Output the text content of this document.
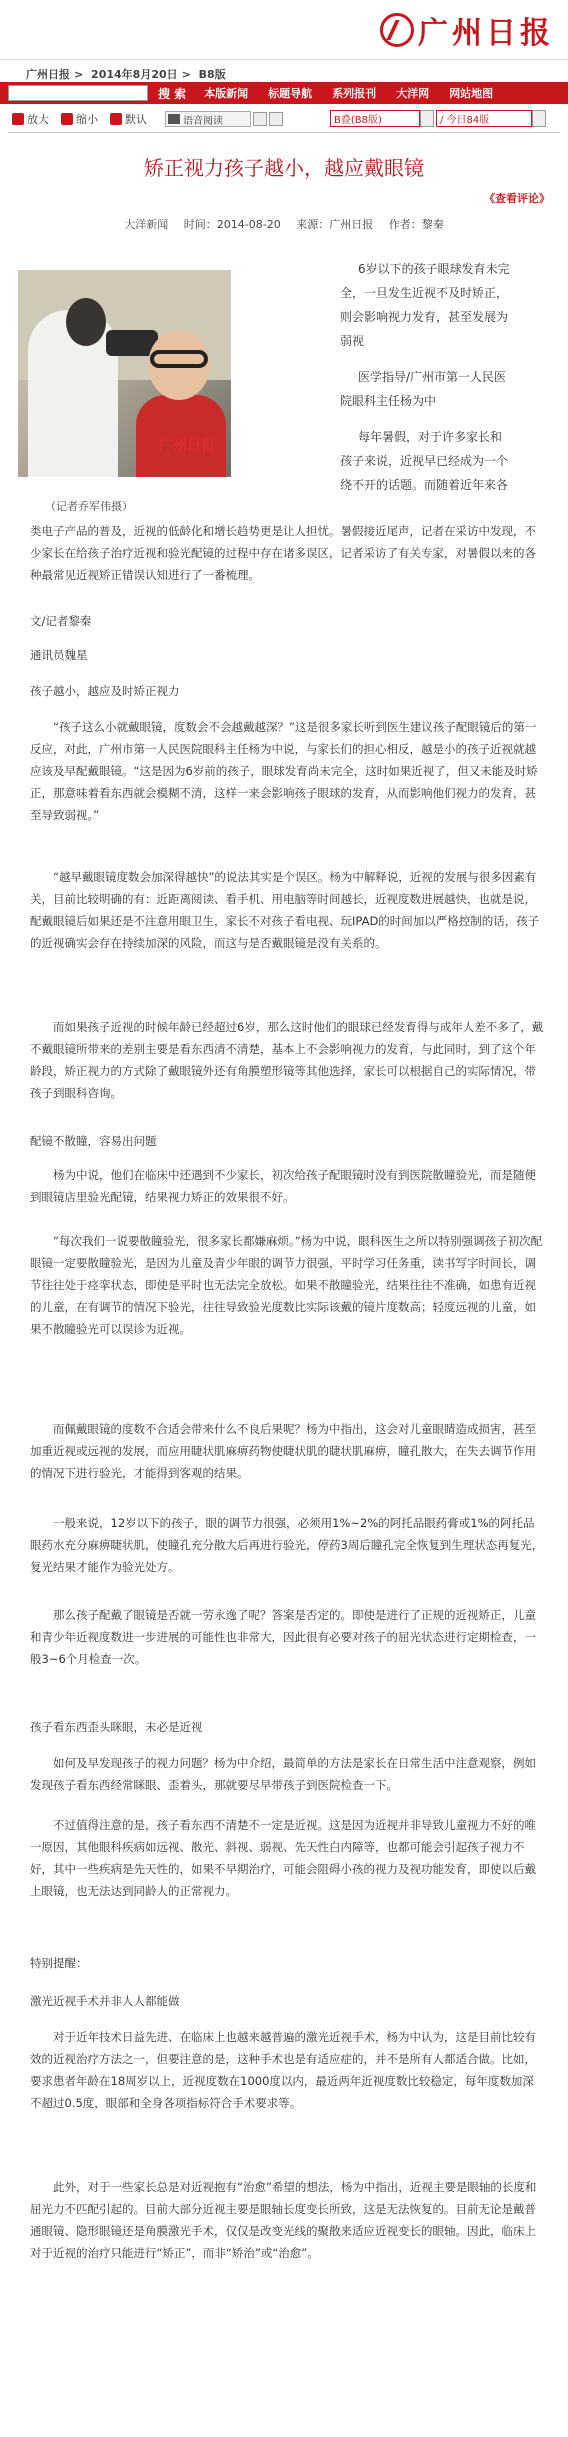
广州日报
广州日报 > 2014年8月20日 > B8版
搜 索 本版新闻 标题导航 系列报刊 大洋网 网站地图
放大 缩小 默认	语音阅读	B叠(B8版)	/ 今日84版
矫正视力孩子越小，越应戴眼镜
《查看评论》
大洋新闻 时间：2014-08-20 来源：广州日报 作者：黎秦
广州日报
（记者乔军伟摄）
6岁以下的孩子眼球发育未完
全，一旦发生近视不及时矫正，
则会影响视力发育，甚至发展为
弱视
医学指导/广州市第一人民医
院眼科主任杨为中
每年暑假，对于许多家长和
孩子来说，近视早已经成为一个
绕不开的话题。而随着近年来各
类电子产品的普及，近视的低龄化和增长趋势更是让人担忧。暑假接近尾声，记者在采访中发现，不少家长在给孩子治疗近视和验光配镜的过程中存在诸多误区，记者采访了有关专家，对暑假以来的各种最常见近视矫正错误认知进行了一番梳理。
文/记者黎秦
通讯员魏星
孩子越小，越应及时矫正视力
“孩子这么小就戴眼镜，度数会不会越戴越深？”这是很多家长听到医生建议孩子配眼镜后的第一反应，对此，广州市第一人民医院眼科主任杨为中说，与家长们的担心相反，越是小的孩子近视就越应该及早配戴眼镜。“这是因为6岁前的孩子，眼球发育尚未完全，这时如果近视了，但又未能及时矫正，那意味着看东西就会模糊不清，这样一来会影响孩子眼球的发育，从而影响他们视力的发育，甚至导致弱视。”
“越早戴眼镜度数会加深得越快”的说法其实是个误区。杨为中解释说，近视的发展与很多因素有关，目前比较明确的有：近距离阅读、看手机、用电脑等时间越长，近视度数进展越快，也就是说，配戴眼镜后如果还是不注意用眼卫生，家长不对孩子看电视、玩IPAD的时间加以严格控制的话，孩子的近视确实会存在持续加深的风险，而这与是否戴眼镜是没有关系的。
而如果孩子近视的时候年龄已经超过6岁，那么这时他们的眼球已经发育得与成年人差不多了，戴不戴眼镜所带来的差别主要是看东西清不清楚，基本上不会影响视力的发育，与此同时，到了这个年龄段，矫正视力的方式除了戴眼镜外还有角膜塑形镜等其他选择，家长可以根据自己的实际情况，带孩子到眼科咨询。
配镜不散瞳，容易出问题
杨为中说，他们在临床中还遇到不少家长，初次给孩子配眼镜时没有到医院散瞳验光，而是随便到眼镜店里验光配镜，结果视力矫正的效果很不好。
“每次我们一说要散瞳验光，很多家长都嫌麻烦。”杨为中说，眼科医生之所以特别强调孩子初次配眼镜一定要散瞳验光，是因为儿童及青少年眼的调节力很强，平时学习任务重，读书写字时间长，调节往往处于痉挛状态，即使是平时也无法完全放松。如果不散瞳验光，结果往往不准确，如患有近视的儿童，在有调节的情况下验光，往往导致验光度数比实际该戴的镜片度数高；轻度远视的儿童，如果不散瞳验光可以误诊为近视。
而佩戴眼镜的度数不合适会带来什么不良后果呢？杨为中指出，这会对儿童眼睛造成损害，甚至加重近视或远视的发展，而应用睫状肌麻痹药物使睫状肌的睫状肌麻痹，瞳孔散大，在失去调节作用的情况下进行验光，才能得到客观的结果。
一般来说，12岁以下的孩子，眼的调节力很强，必须用1%~2%的阿托品眼药膏或1%的阿托品眼药水充分麻痹睫状肌，使瞳孔充分散大后再进行验光，停药3周后瞳孔完全恢复到生理状态再复光，复光结果才能作为验光处方。
那么孩子配戴了眼镜是否就一劳永逸了呢？答案是否定的。即使是进行了正规的近视矫正，儿童和青少年近视度数进一步进展的可能性也非常大，因此很有必要对孩子的屈光状态进行定期检查，一般3~6个月检查一次。
孩子看东西歪头眯眼，未必是近视
如何及早发现孩子的视力问题？杨为中介绍，最简单的方法是家长在日常生活中注意观察，例如发现孩子看东西经常眯眼、歪着头，那就要尽早带孩子到医院检查一下。
不过值得注意的是，孩子看东西不清楚不一定是近视。这是因为近视并非导致儿童视力不好的唯一原因，其他眼科疾病如远视、散光、斜视、弱视、先天性白内障等，也都可能会引起孩子视力不好，其中一些疾病是先天性的，如果不早期治疗，可能会阻碍小孩的视力及视功能发育，即使以后戴上眼镜，也无法达到同龄人的正常视力。
特别提醒：
激光近视手术并非人人都能做
对于近年技术日益先进、在临床上也越来越普遍的激光近视手术，杨为中认为，这是目前比较有效的近视治疗方法之一，但要注意的是，这种手术也是有适应症的，并不是所有人都适合做。比如，要求患者年龄在18周岁以上，近视度数在1000度以内，最近两年近视度数比较稳定，每年度数加深不超过0.5度，眼部和全身各项指标符合手术要求等。
此外，对于一些家长总是对近视抱有“治愈”希望的想法，杨为中指出，近视主要是眼轴的长度和屈光力不匹配引起的。目前大部分近视主要是眼轴长度变长所致，这是无法恢复的。目前无论是戴普通眼镜、隐形眼镜还是角膜激光手术，仅仅是改变光线的聚散来适应近视变长的眼轴。因此，临床上对于近视的治疗只能进行“矫正”，而非“矫治”或“治愈”。
